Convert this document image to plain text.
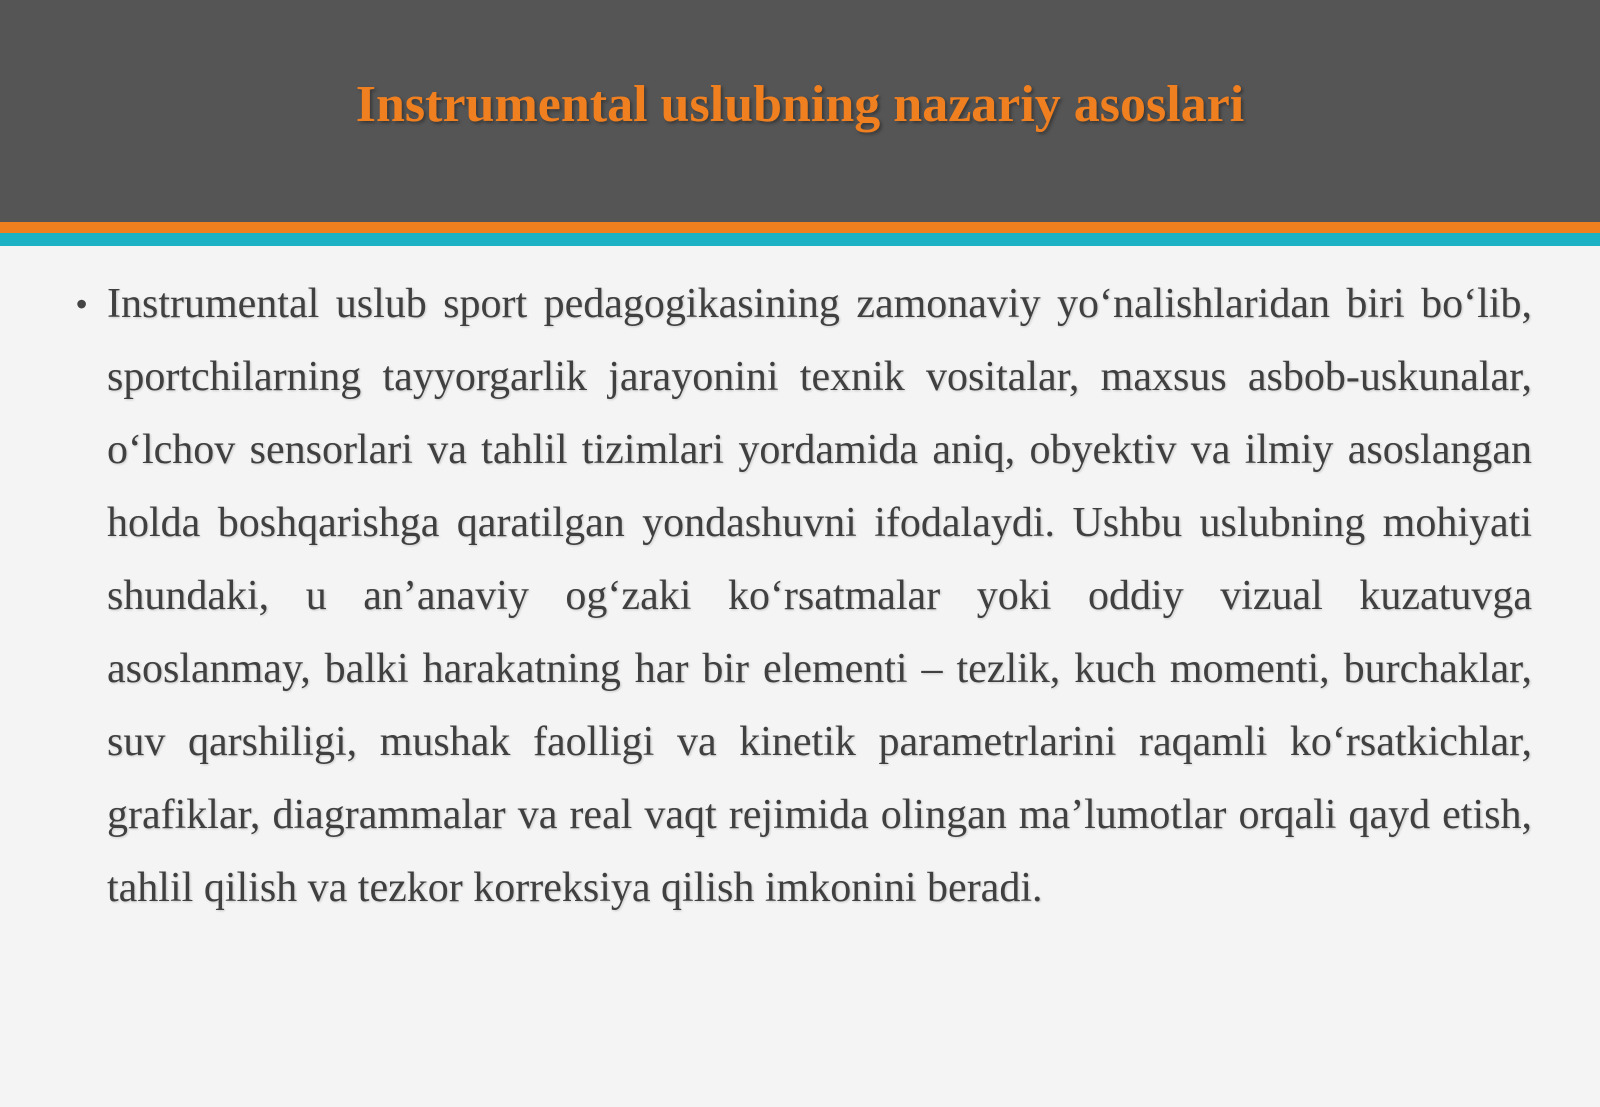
Instrumental uslubning nazariy asoslari
• Instrumental uslub sport pedagogikasining zamonaviy yo‘nalishlaridan biri bo‘lib, sportchilarning tayyorgarlik jarayonini texnik vositalar, maxsus asbob-uskunalar, o‘lchov sensorlari va tahlil tizimlari yordamida aniq, obyektiv va ilmiy asoslangan holda boshqarishga qaratilgan yondashuvni ifodalaydi. Ushbu uslubning mohiyati shundaki, u an’anaviy og‘zaki ko‘rsatmalar yoki oddiy vizual kuzatuvga asoslanmay, balki harakatning har bir elementi – tezlik, kuch momenti, burchaklar, suv qarshiligi, mushak faolligi va kinetik parametrlarini raqamli ko‘rsatkichlar, grafiklar, diagrammalar va real vaqt rejimida olingan ma’lumotlar orqali qayd etish, tahlil qilish va tezkor korreksiya qilish imkonini beradi.
